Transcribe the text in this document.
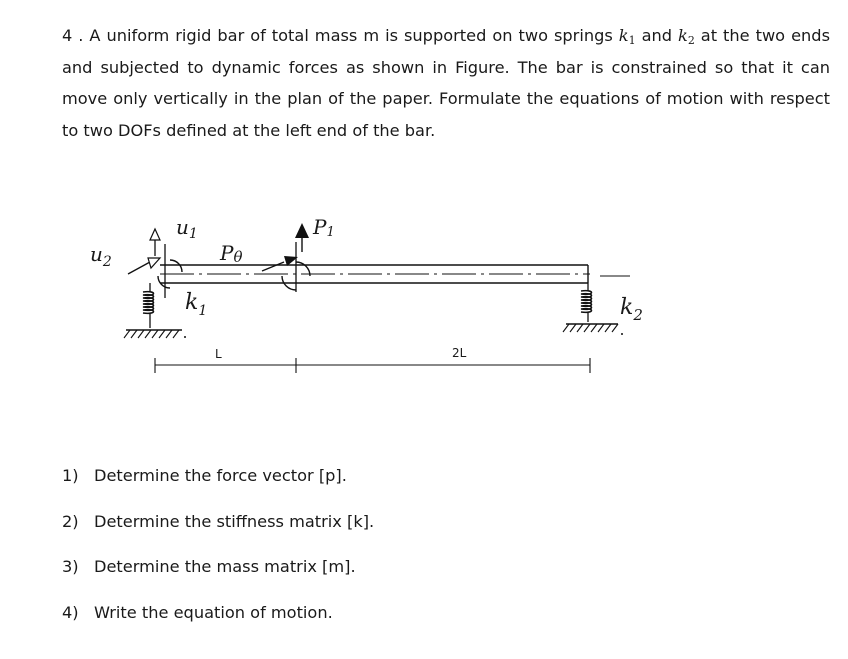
4 . A uniform rigid bar of total mass m is supported on two springs $k_1$ and $k_2$ at the two ends and subjected to dynamic forces as shown in Figure. The bar is constrained so that it can move only vertically in the plan of the paper. Formulate the equations of motion with respect to two DOFs defined at the left end of the bar.
$u_1$
$u_2$	Pθ
P1
$k_1$	$k_2$
L	2L
1) Determine the force vector [p].
2) Determine the stiffness matrix [k].
3) Determine the mass matrix [m].
4) Write the equation of motion.
